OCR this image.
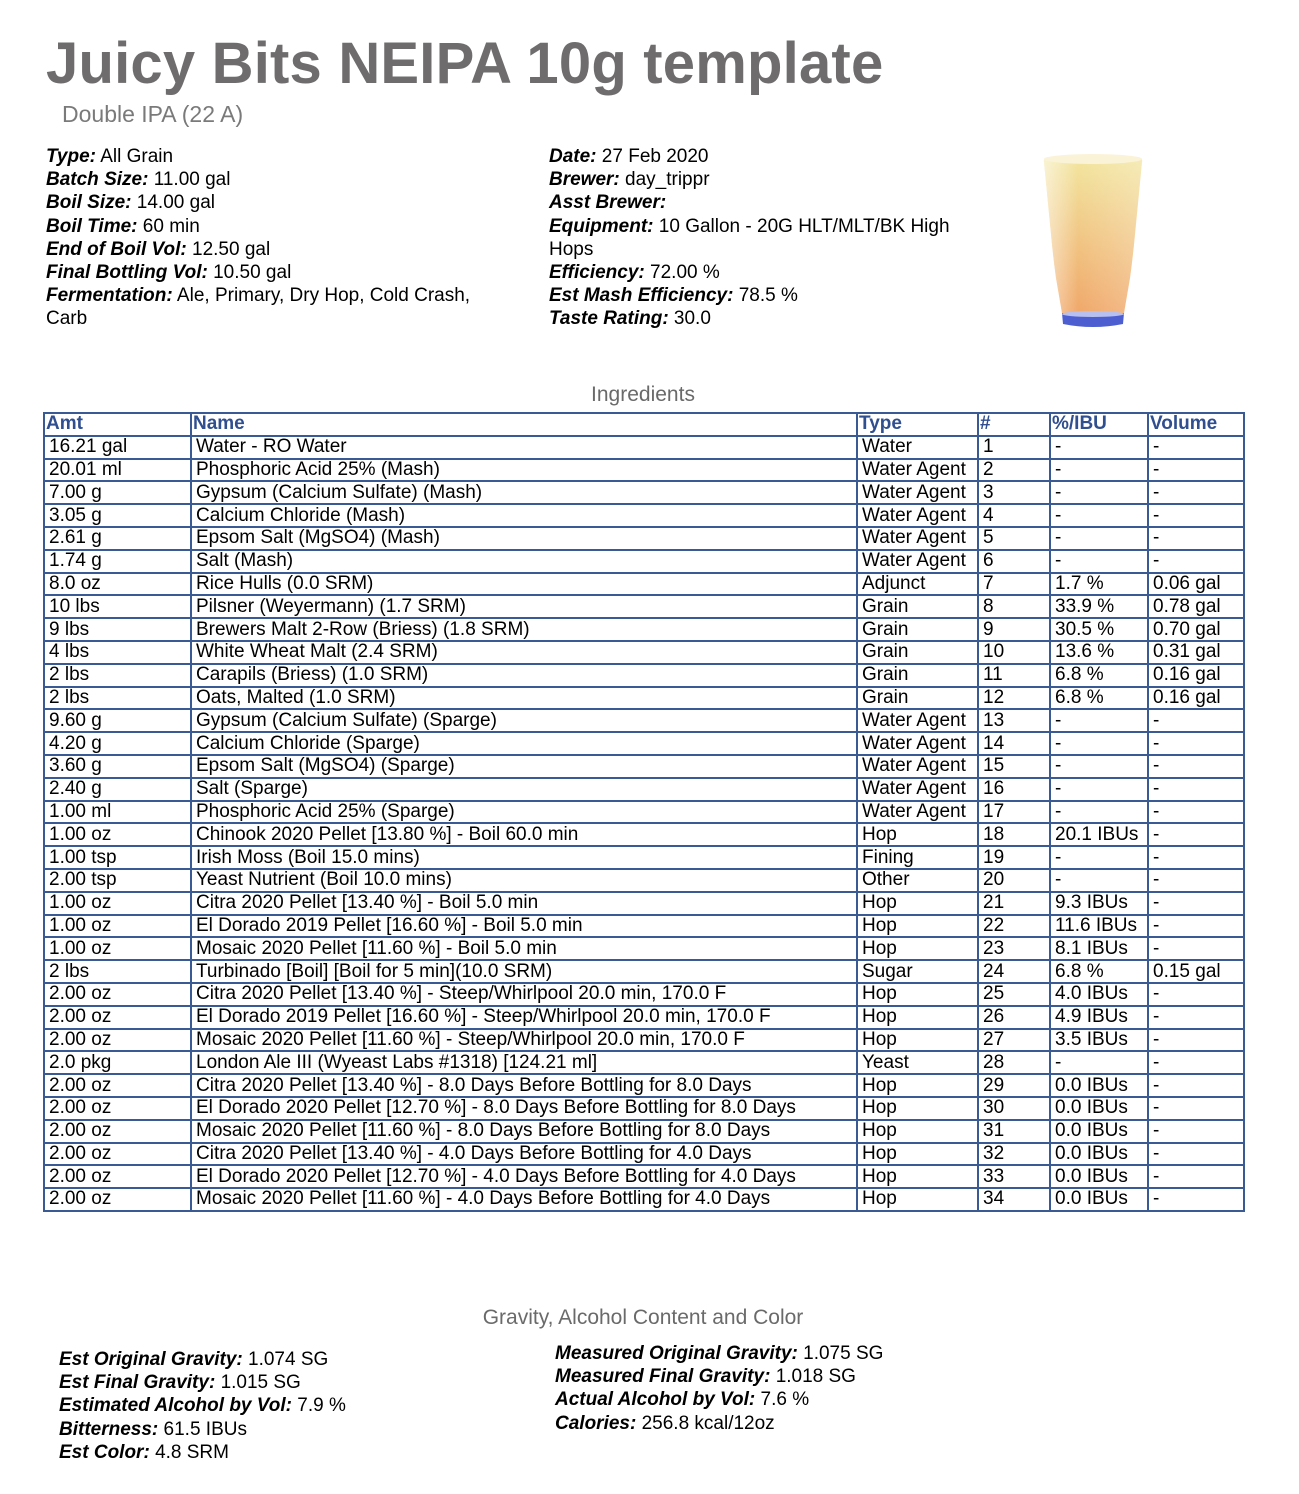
Juicy Bits NEIPA 10g template
Double IPA (22 A)
Type: All Grain
Batch Size: 11.00 gal
Boil Size: 14.00 gal
Boil Time: 60 min
End of Boil Vol: 12.50 gal
Final Bottling Vol: 10.50 gal
Fermentation: Ale, Primary, Dry Hop, Cold Crash, Carb
Date: 27 Feb 2020
Brewer: day_trippr
Asst Brewer:
Equipment: 10 Gallon - 20G HLT/MLT/BK High Hops
Efficiency: 72.00 %
Est Mash Efficiency: 78.5 %
Taste Rating: 30.0
Ingredients
Amt	Name	Type	#	%/IBU	Volume
16.21 gal	Water - RO Water	Water	1	-	-
20.01 ml	Phosphoric Acid 25% (Mash)	Water Agent	2	-	-
7.00 g	Gypsum (Calcium Sulfate) (Mash)	Water Agent	3	-	-
3.05 g	Calcium Chloride (Mash)	Water Agent	4	-	-
2.61 g	Epsom Salt (MgSO4) (Mash)	Water Agent	5	-	-
1.74 g	Salt (Mash)	Water Agent	6	-	-
8.0 oz	Rice Hulls (0.0 SRM)	Adjunct	7	1.7 %	0.06 gal
10 lbs	Pilsner (Weyermann) (1.7 SRM)	Grain	8	33.9 %	0.78 gal
9 lbs	Brewers Malt 2-Row (Briess) (1.8 SRM)	Grain	9	30.5 %	0.70 gal
4 lbs	White Wheat Malt (2.4 SRM)	Grain	10	13.6 %	0.31 gal
2 lbs	Carapils (Briess) (1.0 SRM)	Grain	11	6.8 %	0.16 gal
2 lbs	Oats, Malted (1.0 SRM)	Grain	12	6.8 %	0.16 gal
9.60 g	Gypsum (Calcium Sulfate) (Sparge)	Water Agent	13	-	-
4.20 g	Calcium Chloride (Sparge)	Water Agent	14	-	-
3.60 g	Epsom Salt (MgSO4) (Sparge)	Water Agent	15	-	-
2.40 g	Salt (Sparge)	Water Agent	16	-	-
1.00 ml	Phosphoric Acid 25% (Sparge)	Water Agent	17	-	-
1.00 oz	Chinook 2020 Pellet [13.80 %] - Boil 60.0 min	Hop	18	20.1 IBUs	-
1.00 tsp	Irish Moss (Boil 15.0 mins)	Fining	19	-	-
2.00 tsp	Yeast Nutrient (Boil 10.0 mins)	Other	20	-	-
1.00 oz	Citra 2020 Pellet [13.40 %] - Boil 5.0 min	Hop	21	9.3 IBUs	-
1.00 oz	El Dorado 2019 Pellet [16.60 %] - Boil 5.0 min	Hop	22	11.6 IBUs	-
1.00 oz	Mosaic 2020 Pellet [11.60 %] - Boil 5.0 min	Hop	23	8.1 IBUs	-
2 lbs	Turbinado [Boil] [Boil for 5 min](10.0 SRM)	Sugar	24	6.8 %	0.15 gal
2.00 oz	Citra 2020 Pellet [13.40 %] - Steep/Whirlpool 20.0 min, 170.0 F	Hop	25	4.0 IBUs	-
2.00 oz	El Dorado 2019 Pellet [16.60 %] - Steep/Whirlpool 20.0 min, 170.0 F	Hop	26	4.9 IBUs	-
2.00 oz	Mosaic 2020 Pellet [11.60 %] - Steep/Whirlpool 20.0 min, 170.0 F	Hop	27	3.5 IBUs	-
2.0 pkg	London Ale III (Wyeast Labs #1318) [124.21 ml]	Yeast	28	-	-
2.00 oz	Citra 2020 Pellet [13.40 %] - 8.0 Days Before Bottling for 8.0 Days	Hop	29	0.0 IBUs	-
2.00 oz	El Dorado 2020 Pellet [12.70 %] - 8.0 Days Before Bottling for 8.0 Days	Hop	30	0.0 IBUs	-
2.00 oz	Mosaic 2020 Pellet [11.60 %] - 8.0 Days Before Bottling for 8.0 Days	Hop	31	0.0 IBUs	-
2.00 oz	Citra 2020 Pellet [13.40 %] - 4.0 Days Before Bottling for 4.0 Days	Hop	32	0.0 IBUs	-
2.00 oz	El Dorado 2020 Pellet [12.70 %] - 4.0 Days Before Bottling for 4.0 Days	Hop	33	0.0 IBUs	-
2.00 oz	Mosaic 2020 Pellet [11.60 %] - 4.0 Days Before Bottling for 4.0 Days	Hop	34	0.0 IBUs	-
Gravity, Alcohol Content and Color
Est Original Gravity: 1.074 SG
Est Final Gravity: 1.015 SG
Estimated Alcohol by Vol: 7.9 %
Bitterness: 61.5 IBUs
Est Color: 4.8 SRM
Measured Original Gravity: 1.075 SG
Measured Final Gravity: 1.018 SG
Actual Alcohol by Vol: 7.6 %
Calories: 256.8 kcal/12oz
